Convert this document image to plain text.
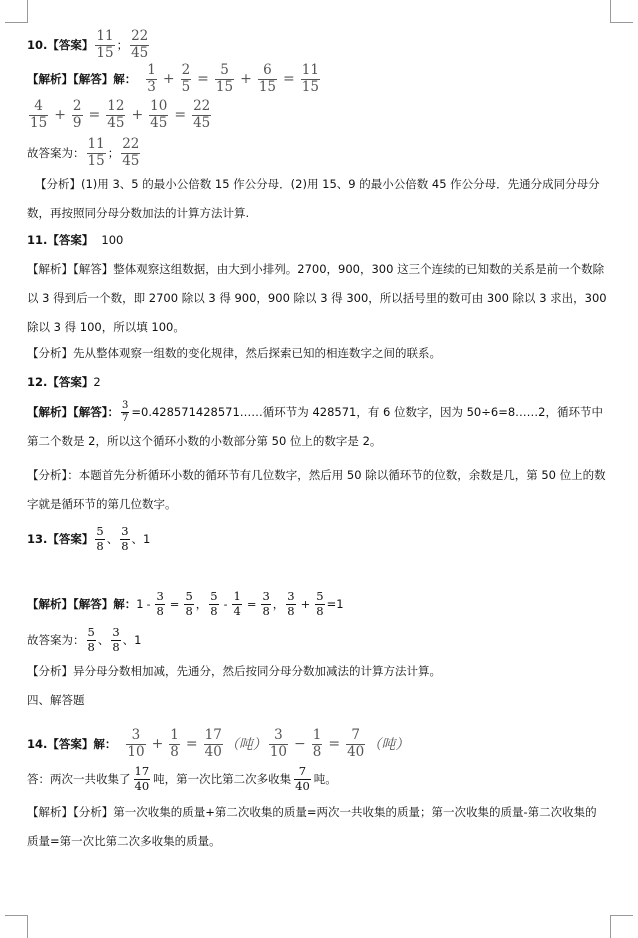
10.【答案】 $\frac{11}{15}$ ； $\frac{22}{45}$
【解析】【解答】解： $\frac{1}{3} + \frac{2}{5} = \frac{5}{15} + \frac{6}{15} = \frac{11}{15}$
$\frac{4}{15} + \frac{2}{9} = \frac{12}{45} + \frac{10}{45} = \frac{22}{45}$
故答案为： $\frac{11}{15}$ ； $\frac{22}{45}$
【分析】(1)用 3、5 的最小公倍数 15 作公分母．(2)用 15、9 的最小公倍数 45 作公分母．先通分成同分母分数，再按照同分母分数加法的计算方法计算.
11.【答案】 100
【解析】【解答】整体观察这组数据，由大到小排列。2700，900，300 这三个连续的已知数的关系是前一个数除以 3 得到后一个数，即 2700 除以 3 得 900，900 除以 3 得 300，所以括号里的数可由 300 除以 3 求出，300 除以 3 得 100，所以填 100。
【分析】先从整体观察一组数的变化规律，然后探索已知的相连数字之间的联系。
12.【答案】 2
【解析】【解答】： $\frac{3}{7}$ =0.428571428571……循环节为 428571，有 6 位数字，因为 50÷6=8……2，循环节中第二个数是 2，所以这个循环小数的小数部分第 50 位上的数字是 2。
【分析】：本题首先分析循环小数的循环节有几位数字，然后用 50 除以循环节的位数，余数是几，第 50 位上的数字就是循环节的第几位数字。
13.【答案】 $\frac{5}{8}$ 、 $\frac{3}{8}$ 、 1
【解析】【解答】解： $1 - \frac{3}{8} = \frac{5}{8}$ ， $\frac{5}{8} - \frac{1}{4} = \frac{3}{8}$ ， $\frac{3}{8} + \frac{5}{8} =1$
故答案为： $\frac{5}{8}$ 、 $\frac{3}{8}$ 、 1
【分析】异分母分数相加减，先通分，然后按同分母分数加减法的计算方法计算。
四、解答题
14.【答案】解： $\frac{3}{10} + \frac{1}{8} = \frac{17}{40}$ （吨） $\frac{3}{10} - \frac{1}{8} = \frac{7}{40}$ （吨）
答：两次一共收集了 $\frac{17}{40}$ 吨，第一次比第二次多收集 $\frac{7}{40}$ 吨。
【解析】【分析】第一次收集的质量+第二次收集的质量=两次一共收集的质量；第一次收集的质量-第二次收集的质量=第一次比第二次多收集的质量。
